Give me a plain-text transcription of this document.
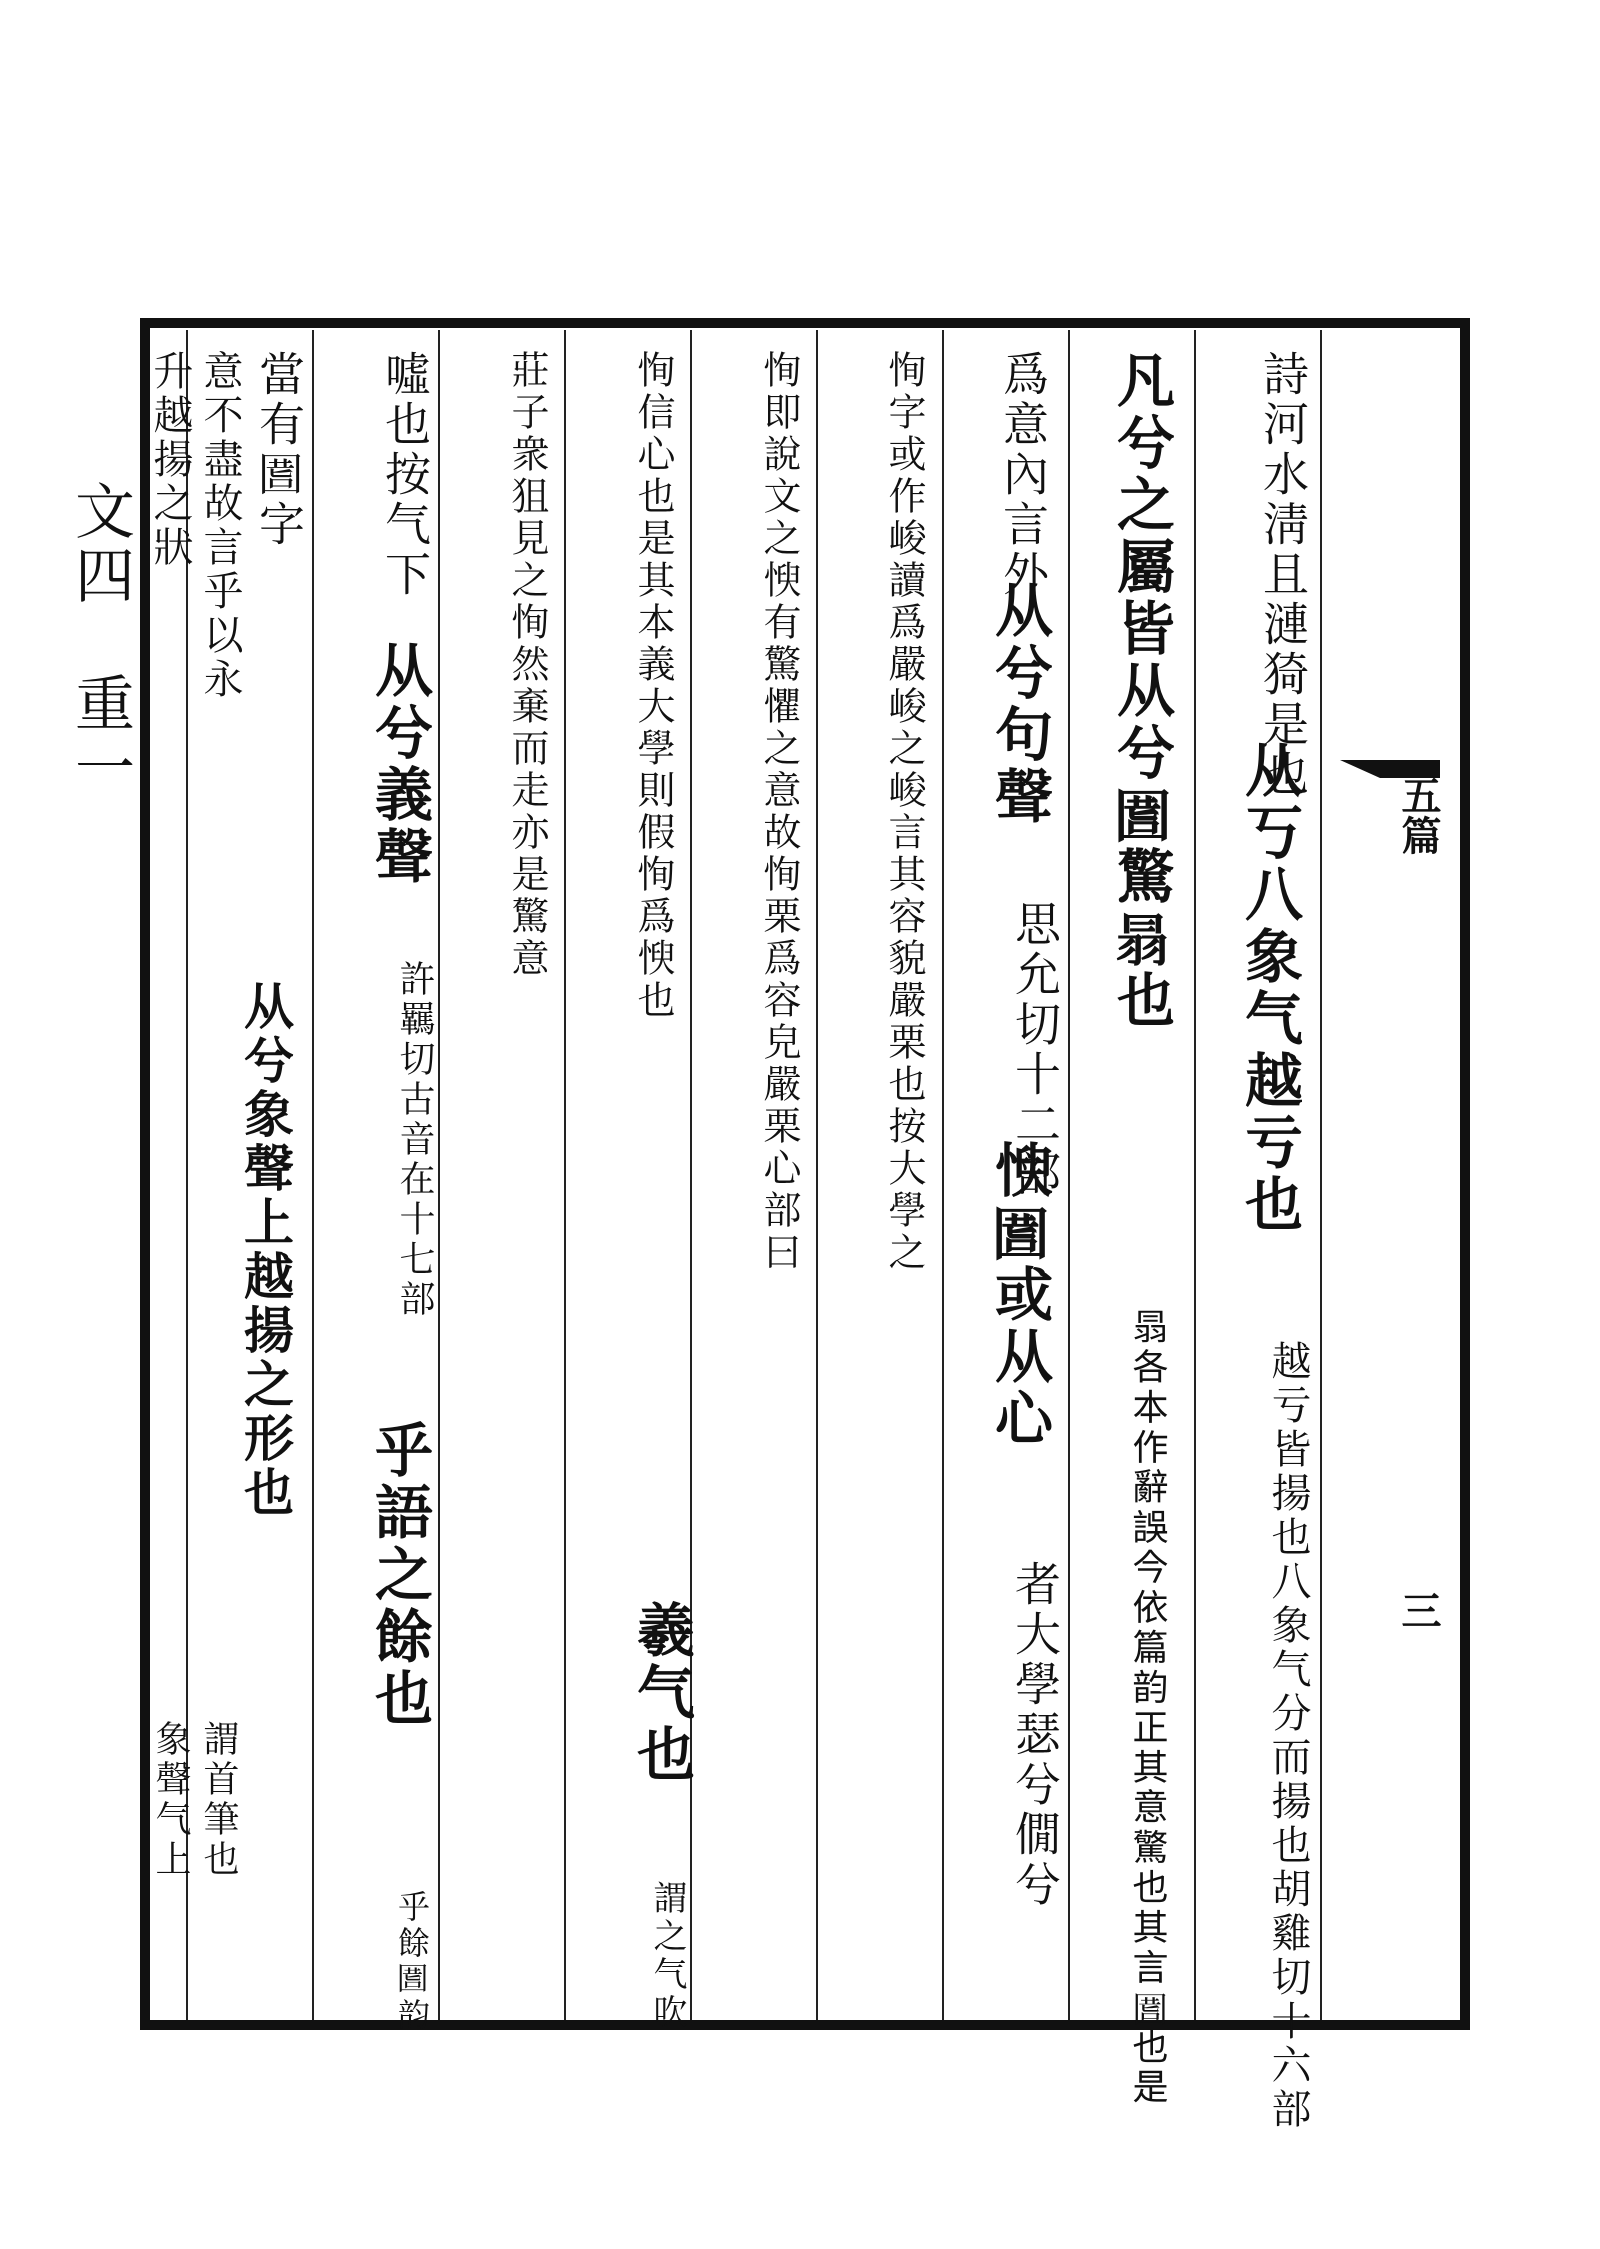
五篇
三
詩河水淸且漣猗是也
从丂八象气越亏也
越亏皆揚也八象气分而揚也胡雞切十六部
凡兮之屬皆从兮𡇾驚𦐇也
𦐇各本作辭誤今依篇韵正其意驚也其言𡇾也是
爲意內言外
从兮句聲
思允切十二部
㥚𡇾或从心
者大學瑟兮僩兮
恂字或作峻讀爲嚴峻之峻言其容貌嚴栗也按大學之
恂即說文之㥚有驚懼之意故恂栗爲容皃嚴栗心部曰
恂信心也是其本義大學則假恂爲㥚也
羲气也
謂之气吹
莊子衆狙見之恂然棄而走亦是驚意
噓也按气下
从兮義聲
許羈切古音在十七部
乎語之餘也
乎餘𡇾韵
當有𡇾字
意不盡故言乎以永
从兮象聲上越揚之形也
謂首筆也
象聲气上
升越揚之狀
文四　重一
